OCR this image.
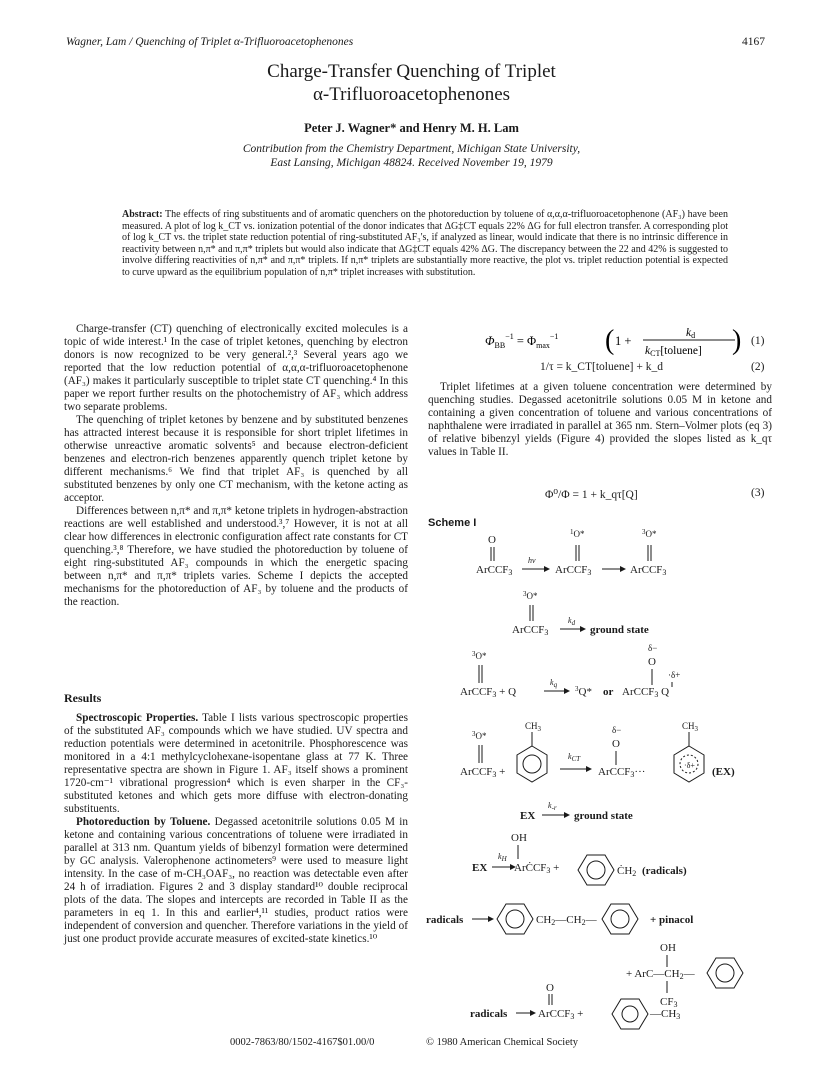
Wagner, Lam / Quenching of Triplet α-Trifluoroacetophenones	4167
Charge-Transfer Quenching of Triplet
α-Trifluoroacetophenones
Peter J. Wagner* and Henry M. H. Lam
Contribution from the Chemistry Department, Michigan State University,
East Lansing, Michigan 48824. Received November 19, 1979
Abstract: The effects of ring substituents and of aromatic quenchers on the photoreduction by toluene of α,α,α-trifluoroacetophenone (AF₃) have been measured. A plot of log k_CT vs. ionization potential of the donor indicates that ΔG‡CT equals 22% ΔG for full electron transfer. A corresponding plot of log k_CT vs. the triplet state reduction potential of ring-substituted AF₃'s, if analyzed as linear, would indicate that there is no intrinsic difference in reactivity between n,π* and π,π* triplets but would also indicate that ΔG‡CT equals 42% ΔG. The discrepancy between the 22 and 42% is suggested to involve differing reactivities of n,π* and π,π* triplets. If n,π* triplets are substantially more reactive, the plot vs. triplet reduction potential is expected to curve upward as the equilibrium population of n,π* triplet increases with substitution.

Charge-transfer (CT) quenching of electronically excited molecules is a topic of wide interest.¹ In the case of triplet ketones, quenching by electron donors is now recognized to be very general.²,³ Several years ago we reported that the low reduction potential of α,α,α-trifluoroacetophenone (AF₃) makes it particularly susceptible to triplet state CT quenching.⁴ In this paper we report further results on the photochemistry of AF₃ which address two separate problems.

The quenching of triplet ketones by benzene and by substituted benzenes has attracted interest because it is responsible for short triplet lifetimes in otherwise unreactive aromatic solvents⁵ and because electron-deficient benzenes and electron-rich benzenes apparently quench triplet ketone by different mechanisms.⁶ We find that triplet AF₃ is quenched by all substituted benzenes by only one CT mechanism, with the ketone acting as acceptor.

Differences between n,π* and π,π* ketone triplets in hydrogen-abstraction reactions are well established and understood.³,⁷ However, it is not at all clear how differences in electronic configuration affect rate constants for CT quenching.³,⁸ Therefore, we have studied the photoreduction by toluene of eight ring-substituted AF₃ compounds in which the energetic spacing between n,π* and π,π* triplets varies. Scheme I depicts the accepted mechanisms for the photoreduction of AF₃ by toluene and the products of the reaction.

Results

Spectroscopic Properties. Table I lists various spectroscopic properties of the substituted AF₃ compounds which we have studied. UV spectra and reduction potentials were determined in acetonitrile. Phosphorescence was monitored in a 4:1 methylcyclohexane-isopentane glass at 77 K. Three representative spectra are shown in Figure 1. AF₃ itself shows a prominent 1720-cm⁻¹ vibrational progression⁴ which is even sharper in the CF₃-substituted ketones and which gets more diffuse with electron-donating substituents.

Photoreduction by Toluene. Degassed acetonitrile solutions 0.05 M in ketone and containing various concentrations of toluene were irradiated in parallel at 313 nm. Quantum yields of bibenzyl formation were determined by GC analysis. Valerophenone actinometers⁹ were used to measure light intensity. In the case of m-CH₃OAF₃, no reaction was detectable even after 24 h of irradiation. Figures 2 and 3 display standard¹⁰ double reciprocal plots of the data. The slopes and intercepts are recorded in Table II as the parameters in eq 1. In this and earlier⁴,¹¹ studies, product ratios were independent of conversion and quencher. Therefore variations in the yield of just one product provide accurate measures of excited-state kinetics.¹⁰

$\Phi_{BB}^{-1} = \Phi_{max}^{-1}$ ( 1 +
kd
kCT[toluene] ) (1)
1/τ = k_CT[toluene] + k_d	(2)

Triplet lifetimes at a given toluene concentration were determined by quenching studies. Degassed acetonitrile solutions 0.05 M in ketone and containing a given concentration of toluene and various concentrations of naphthalene were irradiated in parallel at 365 nm. Stern–Volmer plots (eq 3) of relative bibenzyl yields (Figure 4) provided the slopes listed as k_qτ values in Table II.

Φ⁰/Φ = 1 + k_qτ[Q]	(3)
Scheme I
O
ArCCF3
hν
$^1$O*
ArCCF3
$^3$O*
ArCCF3
$^3$O*
ArCCF3
kd
ground state
$^3$O*
ArCCF3 + Q
kq	$^3$Q* or ArCCF3 Q
δ−
O
·δ+
$^3$O*
ArCCF3 +
$CH_3$
kCT
ArCCF3···
δ−
O
$CH_3$
·δ+
(EX)
EX
k-r
ground state
OH
EX
kH
ArĊCF3 +	ĊH2 (radicals)
radicals	CH2—CH2—	+ pinacol
OH
+ ArC—CH2—
CF3
O
radicals	ArCCF3 +	—CH3
0002-7863/80/1502-4167$01.00/0	© 1980 American Chemical Society
